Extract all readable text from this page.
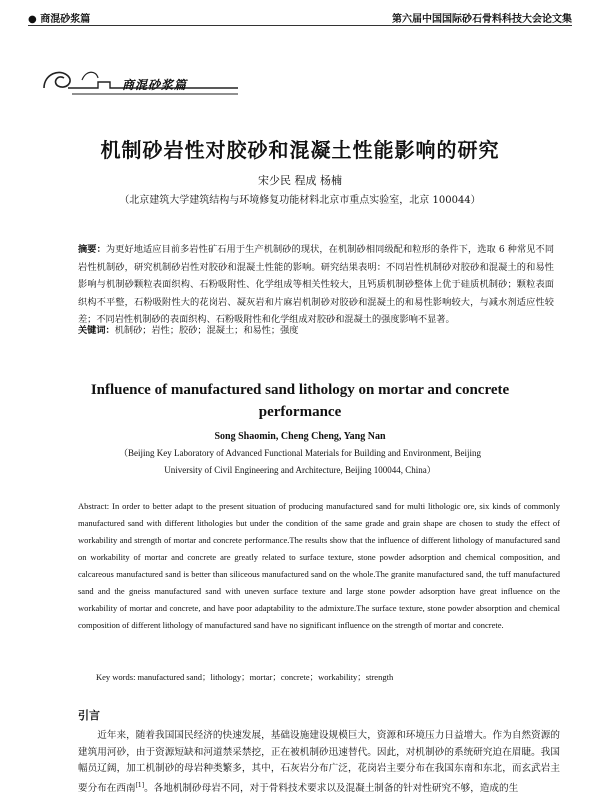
● 商混砂浆篇	第六届中国国际砂石骨料科技大会论文集
商混砂浆篇
机制砂岩性对胶砂和混凝土性能影响的研究
宋少民 程成 杨楠
（北京建筑大学建筑结构与环境修复功能材料北京市重点实验室，北京 100044）
摘要：为更好地适应目前多岩性矿石用于生产机制砂的现状，在机制砂相同级配和粒形的条件下，选取 6 种常见不同岩性机制砂，研究机制砂岩性对胶砂和混凝土性能的影响。研究结果表明：不同岩性机制砂对胶砂和混凝土的和易性影响与机制砂颗粒表面织构、石粉吸附性、化学组成等相关性较大，且钙质机制砂整体上优于硅质机制砂；颗粒表面织构不平整，石粉吸附性大的花岗岩、凝灰岩和片麻岩机制砂对胶砂和混凝土的和易性影响较大，与减水剂适应性较差；不同岩性机制砂的表面织构、石粉吸附性和化学组成对胶砂和混凝土的强度影响不显著。
关键词：机制砂；岩性；胶砂；混凝土；和易性；强度
Influence of manufactured sand lithology on mortar and concrete performance
Song Shaomin, Cheng Cheng, Yang Nan
（Beijing Key Laboratory of Advanced Functional Materials for Building and Environment, Beijing University of Civil Engineering and Architecture, Beijing 100044, China）
Abstract: In order to better adapt to the present situation of producing manufactured sand for multi lithologic ore, six kinds of commonly manufactured sand with different lithologies but under the condition of the same grade and grain shape are chosen to study the effect of workability and strength of mortar and concrete performance.The results show that the influence of different lithology of manufactured sand on workability of mortar and concrete are greatly related to surface texture, stone powder adsorption and chemical composition, and calcareous manufactured sand is better than siliceous manufactured sand on the whole.The granite manufactured sand, the tuff manufactured sand and the gneiss manufactured sand with uneven surface texture and large stone powder adsorption have great influence on the workability of mortar and concrete, and have poor adaptability to the admixture.The surface texture, stone powder absorption and chemical composition of different lithology of manufactured sand have no significant influence on the strength of mortar and concrete.
Key words: manufactured sand；lithology；mortar；concrete；workability；strength
引言
近年来，随着我国国民经济的快速发展，基础设施建设规模巨大，资源和环境压力日益增大。作为自然资源的建筑用河砂，由于资源短缺和河道禁采禁挖，正在被机制砂迅速替代。因此，对机制砂的系统研究迫在眉睫。我国幅员辽阔，加工机制砂的母岩种类繁多，其中，石灰岩分布广泛，花岗岩主要分布在我国东南和东北，而玄武岩主要分布在西南[1]。各地机制砂母岩不同，对于骨料技术要求以及混凝土制备的针对性研究不够，造成的生
